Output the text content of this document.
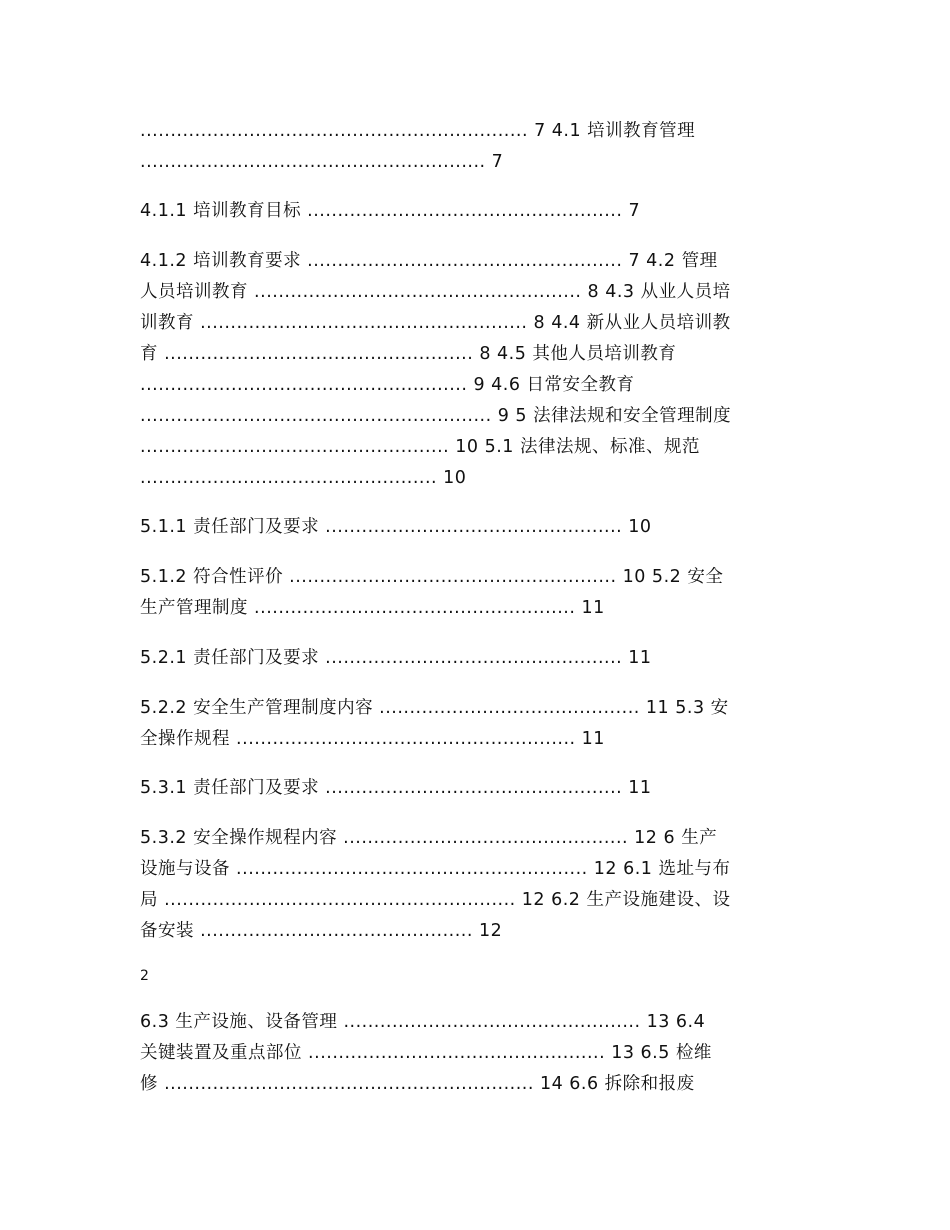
................................................................ 7 4.1 培训教育管理
......................................................... 7
4.1.1 培训教育目标 .................................................... 7
4.1.2 培训教育要求 .................................................... 7 4.2 管理
人员培训教育 ...................................................... 8 4.3 从业人员培
训教育 ...................................................... 8 4.4 新从业人员培训教
育 ................................................... 8 4.5 其他人员培训教育
...................................................... 9 4.6 日常安全教育
.......................................................... 9 5 法律法规和安全管理制度
................................................... 10 5.1 法律法规、标准、规范
................................................. 10
5.1.1 责任部门及要求 ................................................. 10
5.1.2 符合性评价 ...................................................... 10 5.2 安全
生产管理制度 ..................................................... 11
5.2.1 责任部门及要求 ................................................. 11
5.2.2 安全生产管理制度内容 ........................................... 11 5.3 安
全操作规程 ........................................................ 11
5.3.1 责任部门及要求 ................................................. 11
5.3.2 安全操作规程内容 ............................................... 12 6 生产
设施与设备 .......................................................... 12 6.1 选址与布
局 .......................................................... 12 6.2 生产设施建设、设
备安装 ............................................. 12
2
6.3 生产设施、设备管理 ................................................. 13 6.4
关键装置及重点部位 ................................................. 13 6.5 检维
修 ............................................................. 14 6.6 拆除和报废
